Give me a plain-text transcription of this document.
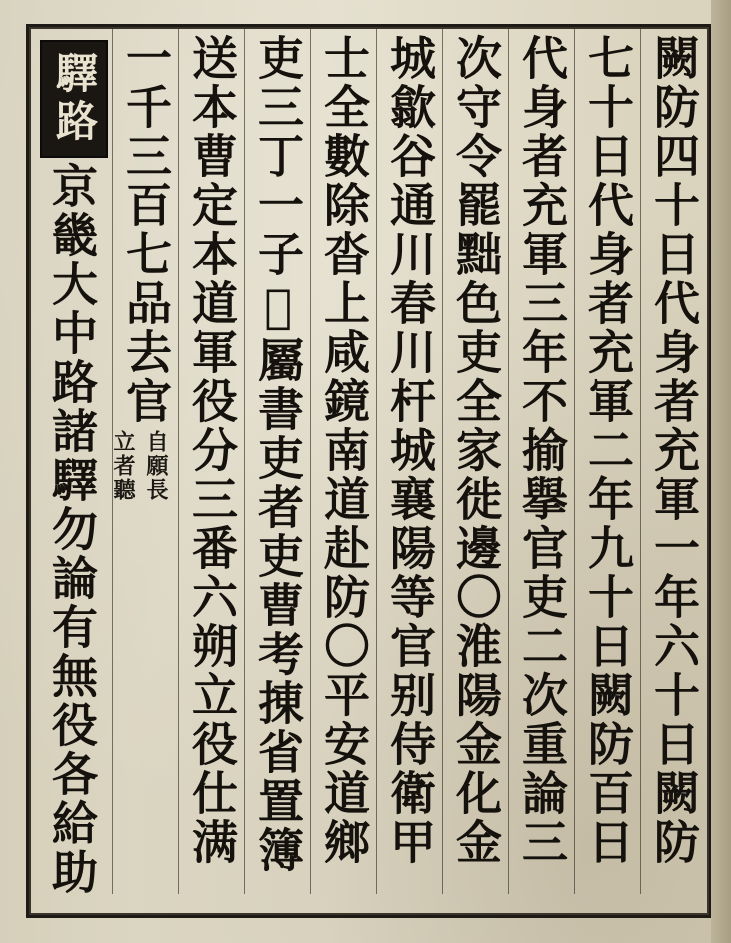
闕防四十日代身者充軍一年六十日闕防
七十日代身者充軍二年九十日闕防百日
代身者充軍三年不揄擧官吏二次重論三
次守令罷黜色吏全家徙邊〇淮陽金化金
城歙谷通川春川杆城襄陽等官别侍衛甲
士全數除沓上咸鏡南道赴防〇平安道鄉
吏三丁一子𫆀屬書吏者吏曹考㨂省置簿
送本曹定本道軍役分三番六朔立役仕满
一千三百七品去官
自願長
立者聽
驛路
京畿大中路諸驛勿論有無役各給助
